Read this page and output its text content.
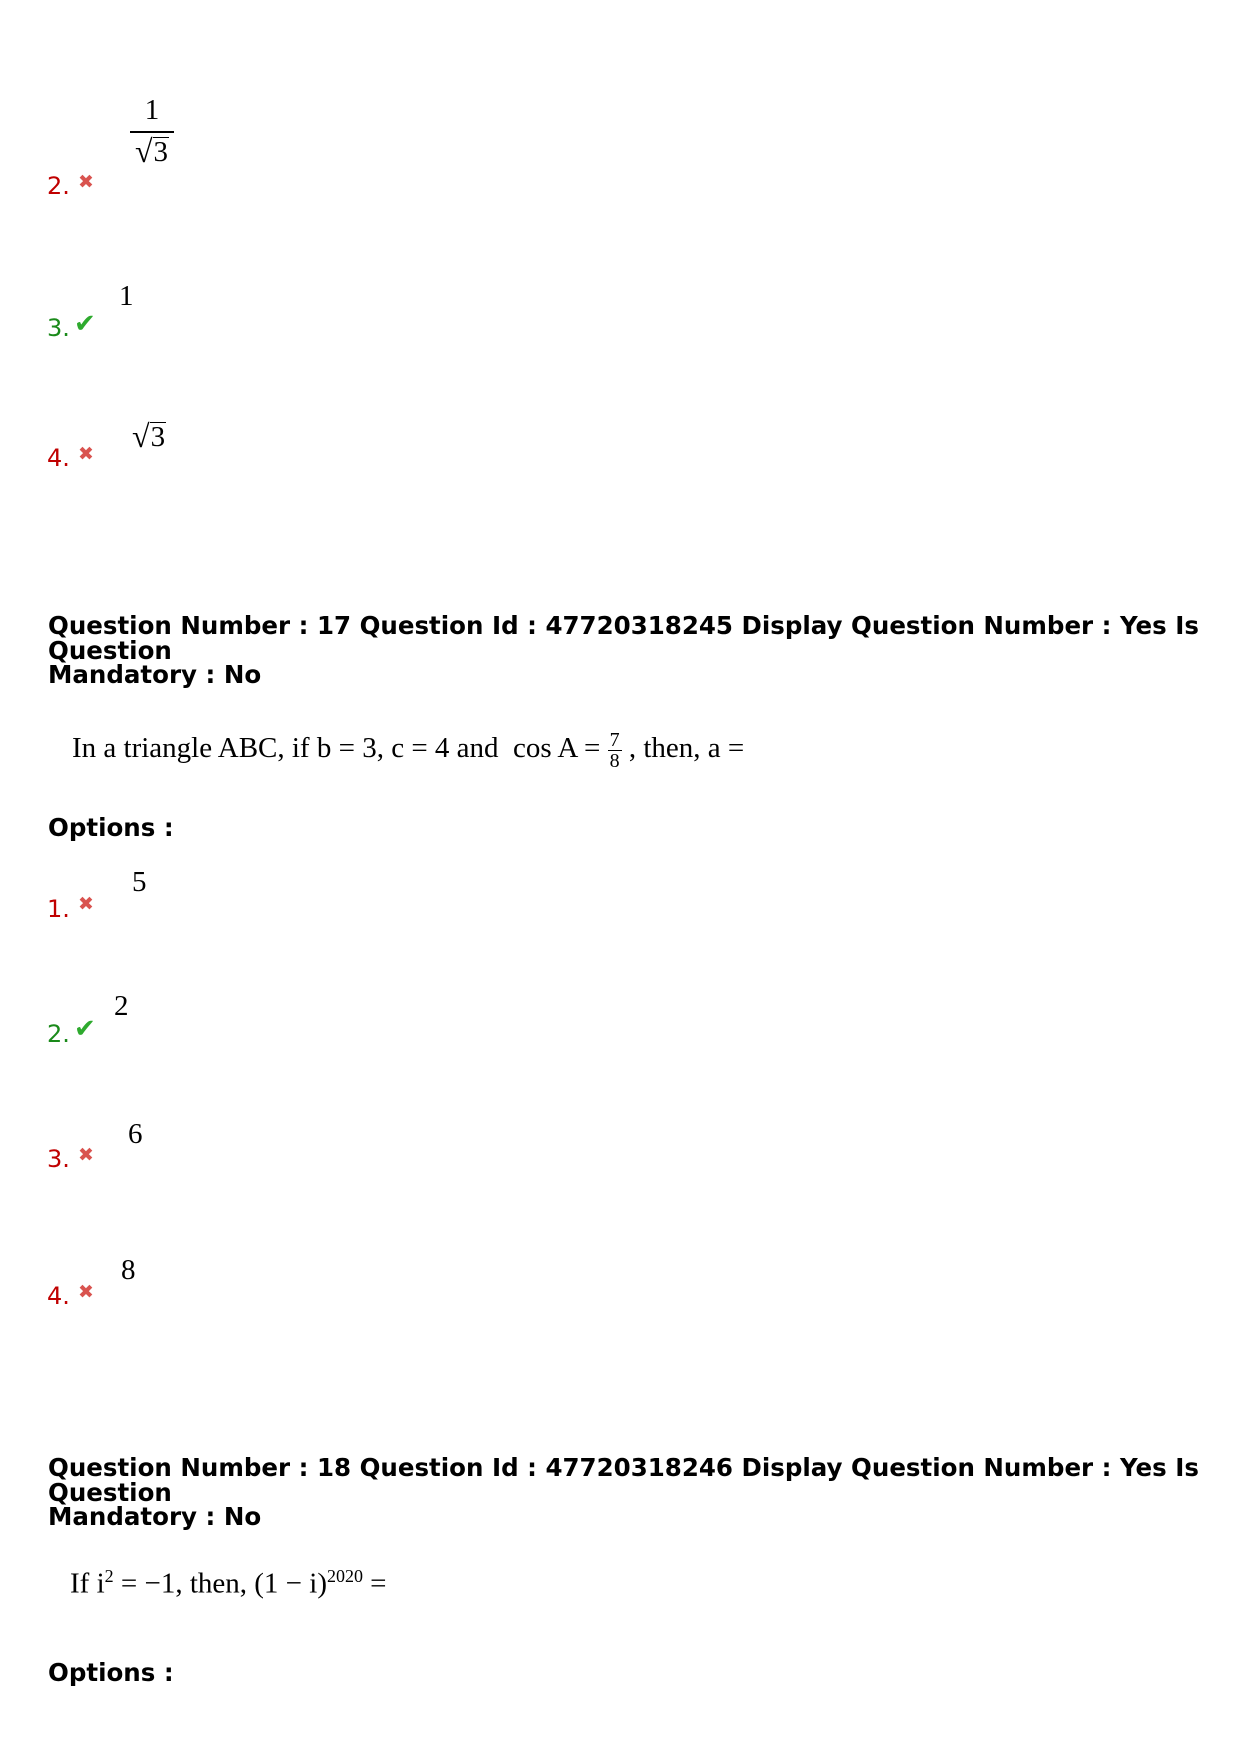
2. ✖
1
√ 3
3. ✔
1
4. ✖ √ 3
Question Number : 17 Question Id : 47720318245 Display Question Number : Yes Is Question
Mandatory : No
In a triangle ABC, if b = 3, c = 4 and  $\cos A = \frac{7}{8}$ , then, a =
Options :
1. ✖
5
2. ✔
2
3. ✖
6
4. ✖
8
Question Number : 18 Question Id : 47720318246 Display Question Number : Yes Is Question
Mandatory : No
If $i^2 = -1$, then, $(1 - i)^{2020}$ =
Options :
